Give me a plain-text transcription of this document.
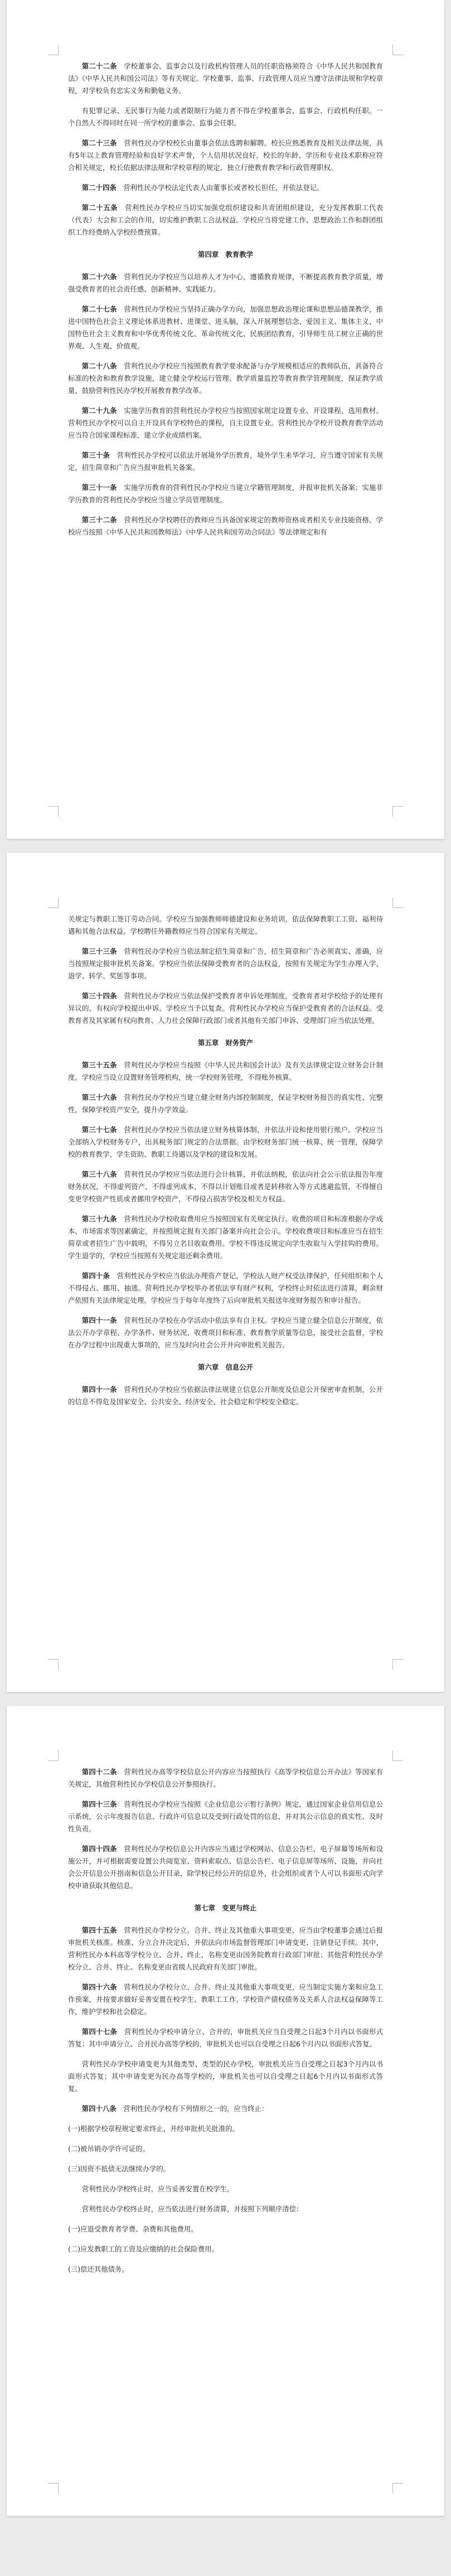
第二十二条 学校董事会、监事会以及行政机构管理人员的任职资格须符合《中华人民共和国教育法》《中华人民共和国公司法》等有关规定。学校董事、监事、行政管理人员应当遵守法律法规和学校章程，对学校负有忠实义务和勤勉义务。

有犯罪记录、无民事行为能力或者限制行为能力者不得在学校董事会、监事会、行政机构任职。一个自然人不得同时在同一所学校的董事会、监事会任职。

第二十三条 营利性民办学校校长由董事会依法选聘和解聘。校长应熟悉教育及相关法律法规，具有5年以上教育管理经验和良好学术声誉，个人信用状况良好，校长的年龄、学历和专业技术职称应符合相关规定，校长依据法律法规和学校章程的规定，独立行使教育教学和行政管理职权。

第二十四条 营利性民办学校法定代表人由董事长或者校长担任，并依法登记。

第二十五条 营利性民办学校应当切实加强党组织建设和共青团组织建设，充分发挥教职工代表（代表）大会和工会的作用，切实维护教职工合法权益。学校应当将党建工作、思想政治工作和群团组织工作经费纳入学校经费预算。

第四章　教育教学

第二十六条 营利性民办学校应当以培养人才为中心，遵循教育规律，不断提高教育教学质量，增强受教育者的社会责任感、创新精神、实践能力。

第二十七条 营利性民办学校应当坚持正确办学方向，加强思想政治理论课和思想品德课教学，推进中国特色社会主义理论体系进教材、进课堂、进头脑，深入开展理想信念、爱国主义、集体主义、中国特色社会主义教育和中华优秀传统文化、革命传统文化、民族团结教育，引导师生员工树立正确的世界观、人生观、价值观。

第二十八条 营利性民办学校应当按照教育教学要求配备与办学规模相适应的教师队伍，具备符合标准的校舍和教育教学设施，建立健全学校运行管理、教学质量监控等教育教学管理制度，保证教学质量，鼓励营利性民办学校开展教育教学改革。

第二十九条 实施学历教育的营利性民办学校应当按照国家规定设置专业、开设课程、选用教材。营利性民办学校可以自主开设具有学校特色的课程，自主设置专业。营利性民办学校开设教育教学活动应当符合国家课程标准，建立学业成绩档案。

第三十条 营利性民办学校可以依法开展境外学历教育，境外学生来华学习，应当遵守国家有关规定，招生简章和广告应当报审批机关备案。

第三十一条 实施学历教育的营利性民办学校应当建立学籍管理制度，并报审批机关备案；实施非学历教育的营利性民办学校应当建立学员管理制度。

第三十二条 营利性民办学校聘任的教师应当具备国家规定的教师资格或者相关专业技能资格。学校应当按照《中华人民共和国教师法》《中华人民共和国劳动合同法》等法律规定和有

关规定与教职工签订劳动合同。学校应当加强教师师德建设和业务培训，依法保障教职工工资、福利待遇和其他合法权益。学校聘任外籍教师应当符合国家有关规定。

第三十三条 营利性民办学校应当依法制定招生简章和广告，招生简章和广告必须真实、准确，应当按照规定报审批机关备案。学校应当依法保障受教育者的合法权益，按照有关规定为学生办理入学、退学、转学、奖惩等事项。

第三十四条 营利性民办学校应当依法保护受教育者申诉处理制度，受教育者对学校给予的处理有异议的，有权向学校提出申诉。学校应当予以复查。营利性民办学校应当保护受教育者的合法权益。受教育者及其家属有权向教育、人力社会保障行政部门或者其他有关部门申诉、受理部门应当依法处理。

第五章　财务资产

第三十五条 营利性民办学校应当按照《中华人民共和国会计法》及有关法律规定设立财务会计制度，学校应当设立设置财务管理机构，统一学校财务管理，不得账外核算。

第三十六条 营利性民办学校应当建立健全财务内部控制制度，保证学校财务报告的真实性、完整性，保障学校资产安全，提升办学效益。

第三十七条 营利性民办学校应当依法建立财务核算体制，并依法开设和使用银行账户。学校应当全部纳入学校财务专户，出具税务部门规定的合法票据。由学校财务部门统一核算、统一管理，保障学校的教育教学、学生资助、教职工待遇以及学校的建设和发展。

第三十八条 营利性民办学校应当依法进行会计核算，并依法纳税，依法向社会公示依法报告年度财务状况，不得虚列资产，不得虚列成本，不得以计划账目或者是转移收入等方式逃避监管，不得擅自变更学校资产性质或者挪用学校资产，不得侵占损害学校及相关方权益。

第三十九条 营利性民办学校收取费用应当按照国家有关规定执行。收费的项目和标准根据办学成本、市场需求等因素确定，并按照规定报有关部门备案并向社会公示。学校收费项目和标准应当在招生简章或者招生广告中载明，不得另立名目收取费用。学校不得违反规定向学生收取与入学挂钩的费用。学生退学的，学校应当按照有关规定退还剩余费用。

第四十条 营利性民办学校应当依法办理资产登记，学校法人财产权受法律保护，任何组织和个人不得侵占、挪用、抽逃。营利性民办学校举办者依法享有财产权利，学校终止时依法进行清算，剩余财产依照有关法律规定处理。学校应当于每年年度终了后向审批机关报送年度财务报告和审计报告。

第四十一条 营利性民办学校在办学活动中依法享有自主权。学校应当建立健全信息公开制度，依法公开办学章程、办学条件、财务状况、收费项目和标准、教育教学质量等信息，接受社会监督，学校在办学过程中出现重大事项的，应当及时向社会公开并向审批机关报告。

第六章　信息公开

第四十一条 营利性民办学校应当依据法律法规建立信息公开制度及信息公开保密审查机制，公开的信息不得危及国家安全、公共安全、经济安全、社会稳定和学校安全稳定。

第四十二条 营利性民办高等学校信息公开内容应当按照执行《高等学校信息公开办法》等国家有关规定，其他营利性民办学校信息公开参照执行。

第四十三条 营利性民办学校应当按照《企业信息公示暂行条例》规定，通过国家企业信用信息公示系统，公示年度报告信息、行政许可信息以及受到行政处罚的信息，并对其公示信息的真实性、及时性负责。

第四十四条 营利性民办学校信息公开内容应当通过学校网站、信息公告栏、电子屏幕等场所和设施公开，并可根据需要设置公共阅览室、资料索取点、信息公告栏、电子信息屏等场所、设施，并向社会公开信息公开指南和信息公开目录，除学校已经公开的信息外，社会组织或者个人可以书面形式向学校申请获取其他信息。

第七章　变更与终止

第四十五条 营利性民办学校分立、合并、终止及其他重大事项变更，应当由学校董事会通过后报审批机关核准。核准、分立合并决定后，并依法向市场监督管理部门申请变更、注销登记手续。其中，营利性民办本科高等学校分立、合并、终止，名称变更由国务院教育行政部门审批；其他营利性民办学校分立、合并、终止、名称变更由省级人民政府有关部门审批。

第四十六条 营利性民办学校分立、合并、终止及其他重大事项变更，应当制定实施方案和应急工作预案，并按要求做好妥善安置在校学生、教职工工作，学校资产债权债务及关系人合法权益保障等工作，维护学校和社会稳定。

第四十七条 营利性民办学校申请分立、合并的，审批机关应当自受理之日起3个月内以书面形式答复；其中申请分立、合并民办高等学校的，审批机关也可以自受理之日起6个月内以书面形式答复。

营利性民办学校申请变更为其他类型、类型的民办学校，审批机关应当自受理之日起3个月内以书面形式答复；其中申请变更为民办高等学校的，审批机关也可以自受理之日起6个月内以书面形式答复。

第四十八条 营利性民办学校有下列情形之一的，应当终止：

(一)根据学校章程规定要求终止，并经审批机关批准的。

(二)被吊销办学许可证的。

(三)因资不抵债无法继续办学的。

营利性民办学校终止时，应当妥善安置在校学生。

营利性民办学校终止时，应当依法进行财务清算，并按照下列顺序清偿：

(一)应退受教育者学费、杂费和其他费用。

(二)应发教职工的工资及应缴纳的社会保险费用。

(三)偿还其他债务。
